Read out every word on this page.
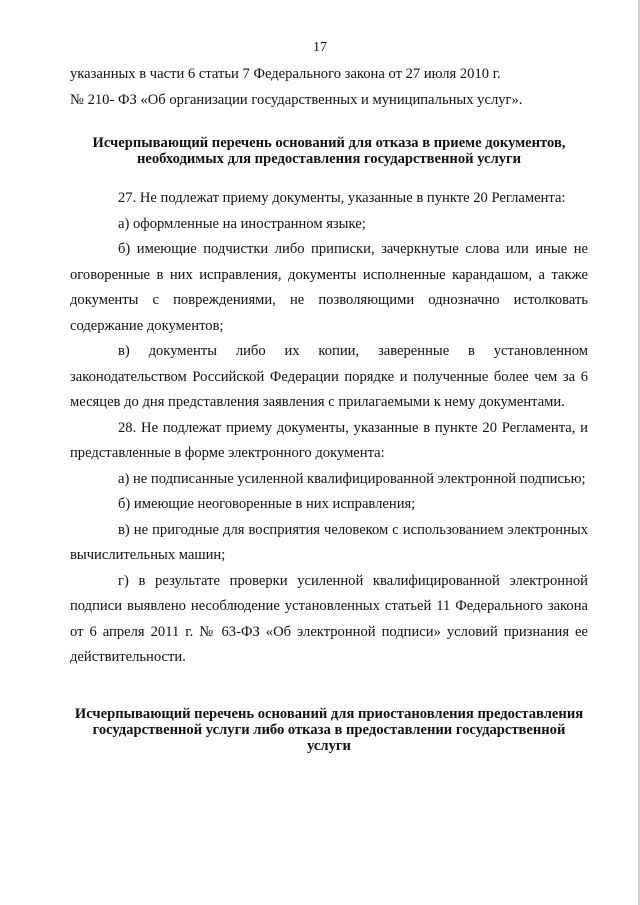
17

указанных в части 6 статьи 7 Федерального закона от 27 июля 2010 г.

№ 210- ФЗ «Об организации государственных и муниципальных услуг».

Исчерпывающий перечень оснований для отказа в приеме документов, необходимых для предоставления государственной услуги

27. Не подлежат приему документы, указанные в пункте 20 Регламента:

а) оформленные на иностранном языке;

б) имеющие подчистки либо приписки, зачеркнутые слова или иные не оговоренные в них исправления, документы исполненные карандашом, а также документы с повреждениями, не позволяющими однозначно истолковать содержание документов;

в) документы либо их копии, заверенные в установленном законодательством Российской Федерации порядке и полученные более чем за 6 месяцев до дня представления заявления с прилагаемыми к нему документами.

28. Не подлежат приему документы, указанные в пункте 20 Регламента, и представленные в форме электронного документа:

а) не подписанные усиленной квалифицированной электронной подписью;

б) имеющие неоговоренные в них исправления;

в) не пригодные для восприятия человеком с использованием электронных вычислительных машин;

г) в результате проверки усиленной квалифицированной электронной подписи выявлено несоблюдение установленных статьей 11 Федерального закона от 6 апреля 2011 г. № 63-ФЗ «Об электронной подписи» условий признания ее действительности.

Исчерпывающий перечень оснований для приостановления предоставления государственной услуги либо отказа в предоставлении государственной услуги
